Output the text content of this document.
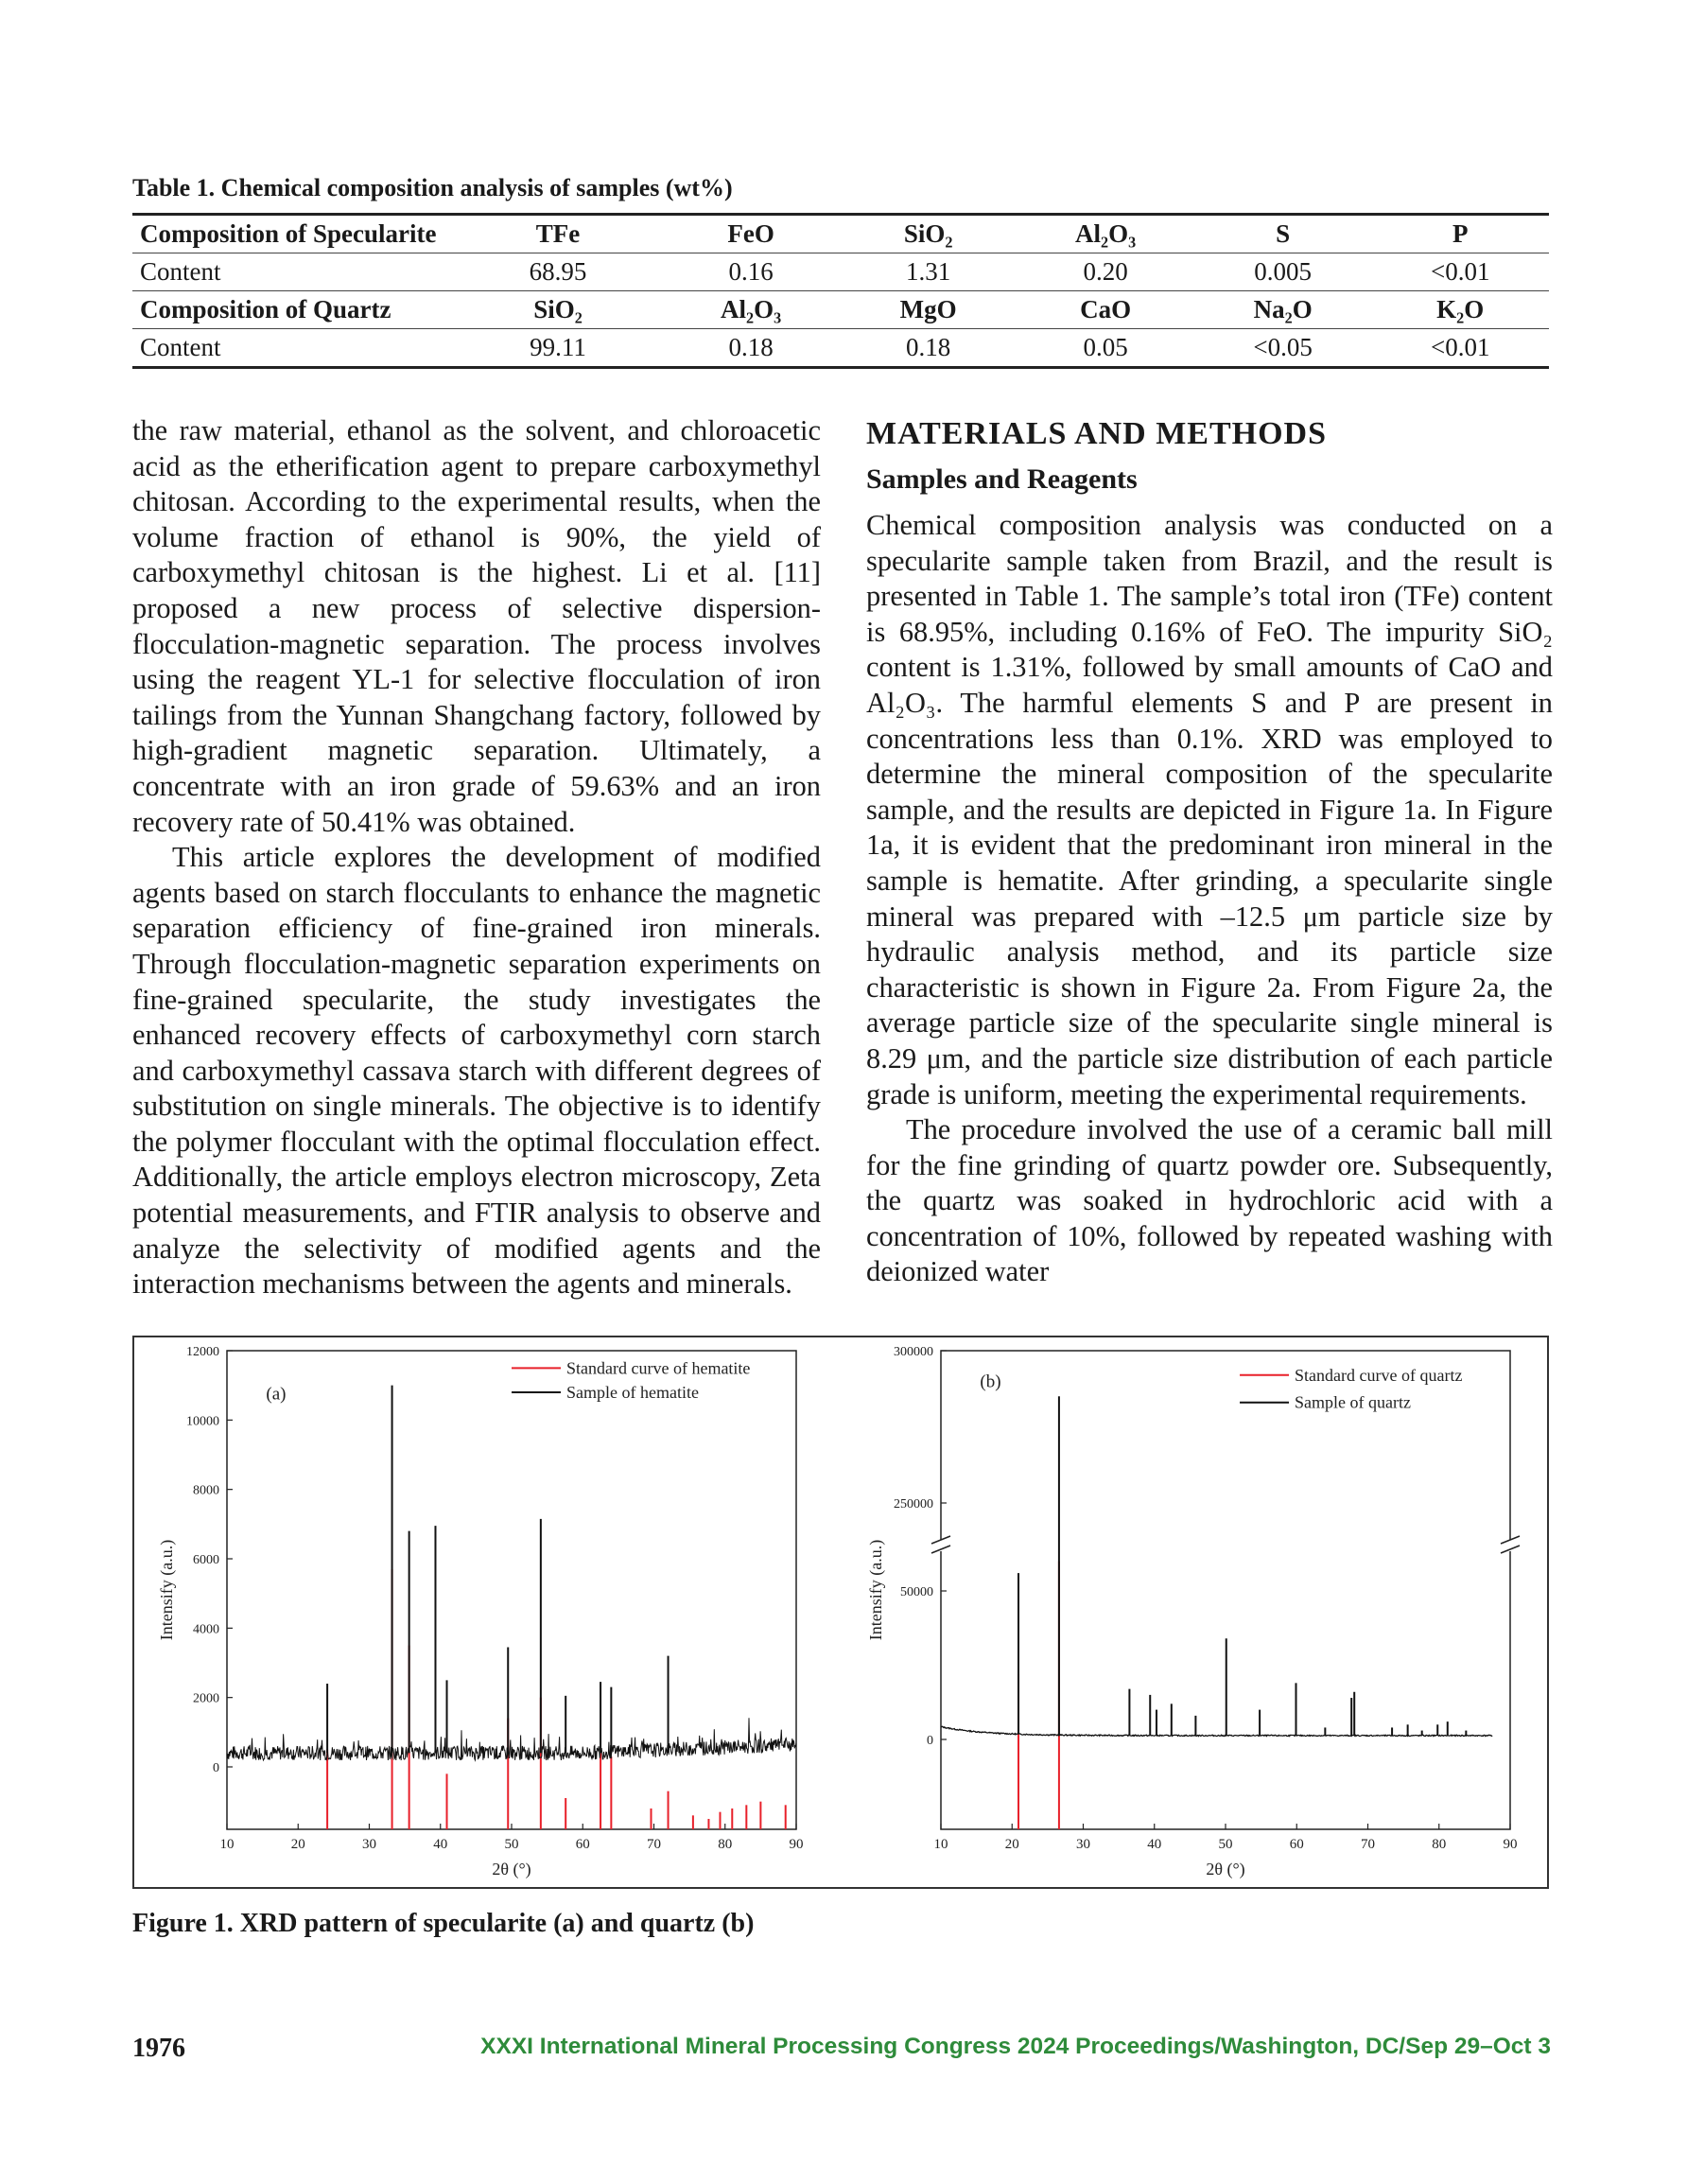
Table 1. Chemical composition analysis of samples (wt%)
Composition of Specularite	TFe	FeO	SiO₂	Al₂O₃	S	P
Content	68.95	0.16	1.31	0.20	0.005	<0.01
Composition of Quartz	SiO₂	Al₂O₃	MgO	CaO	Na₂O	K₂O
Content	99.11	0.18	0.18	0.05	<0.05	<0.01

the raw material, ethanol as the solvent, and chloroacetic acid as the etherification agent to prepare carboxymethyl chitosan. According to the experimental results, when the volume fraction of ethanol is 90%, the yield of carboxymethyl chitosan is the highest. Li et al. [11] proposed a new process of selective dispersion-flocculation-magnetic separation. The process involves using the reagent YL-1 for selective flocculation of iron tailings from the Yunnan Shangchang factory, followed by high-gradient magnetic separation. Ultimately, a concentrate with an iron grade of 59.63% and an iron recovery rate of 50.41% was obtained.

This article explores the development of modified agents based on starch flocculants to enhance the magnetic separation efficiency of fine-grained iron minerals. Through flocculation-magnetic separation experiments on fine-grained specularite, the study investigates the enhanced recovery effects of carboxymethyl corn starch and carboxymethyl cassava starch with different degrees of substitution on single minerals. The objective is to identify the polymer flocculant with the optimal flocculation effect. Additionally, the article employs electron microscopy, Zeta potential measurements, and FTIR analysis to observe and analyze the selectivity of modified agents and the interaction mechanisms between the agents and minerals.

MATERIALS AND METHODS
Samples and Reagents

Chemical composition analysis was conducted on a specularite sample taken from Brazil, and the result is presented in Table 1. The sample’s total iron (TFe) content is 68.95%, including 0.16% of FeO. The impurity SiO₂ content is 1.31%, followed by small amounts of CaO and Al₂O₃. The harmful elements S and P are present in concentrations less than 0.1%. XRD was employed to determine the mineral composition of the specularite sample, and the results are depicted in Figure 1a. In Figure 1a, it is evident that the predominant iron mineral in the sample is hematite. After grinding, a specularite single mineral was prepared with –12.5 μm particle size by hydraulic analysis method, and its particle size characteristic is shown in Figure 2a. From Figure 2a, the average particle size of the specularite single mineral is 8.29 μm, and the particle size distribution of each particle grade is uniform, meeting the experimental requirements.

The procedure involved the use of a ceramic ball mill for the fine grinding of quartz powder ore. Subsequently, the quartz was soaked in hydrochloric acid with a concentration of 10%, followed by repeated washing with deionized water

10	20	30	40	50	60	70	80	90
0
2000
4000
6000
8000
10000
12000
2θ (°)
Intensify (a.u.)
(a)
Standard curve of hematite
Sample of hematite
10	20	30	40	50	60	70	80	90
0
50000
250000
300000
2θ (°)
Intensify (a.u.)
(b)	Standard curve of quartz
Sample of quartz
Figure 1. XRD pattern of specularite (a) and quartz (b)
1976	XXXI International Mineral Processing Congress 2024 Proceedings/Washington, DC/Sep 29–Oct 3
